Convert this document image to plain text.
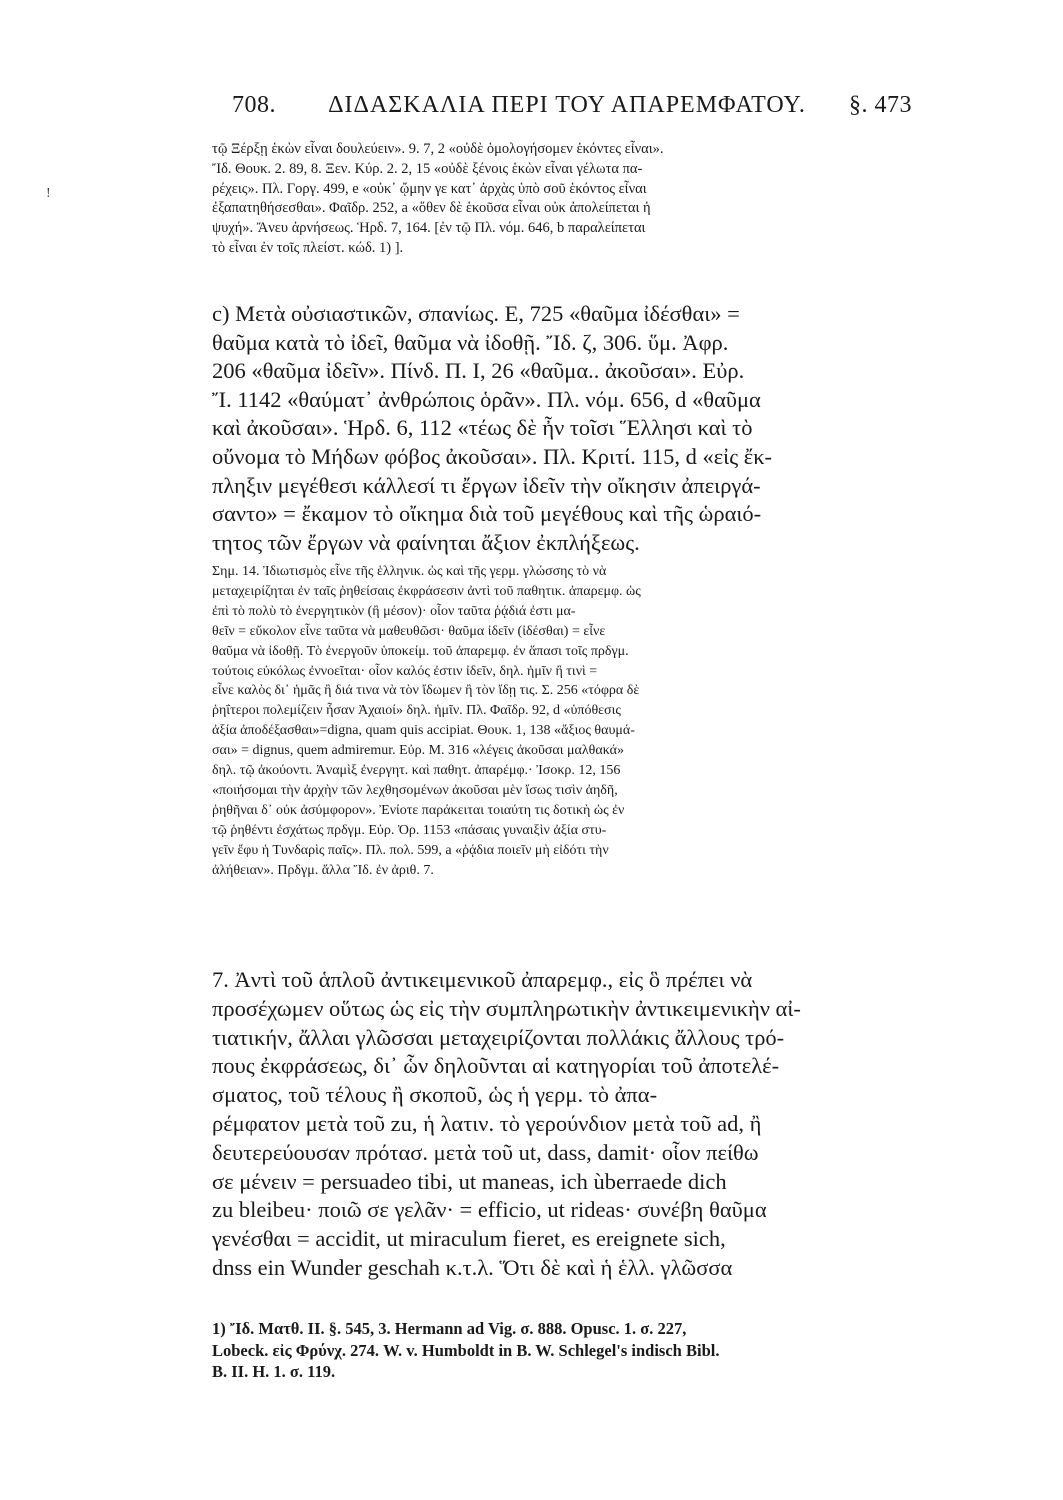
708.	ΔΙΔΑΣΚΑΛΙΑ ΠΕΡΙ ΤΟΥ ΑΠΑΡΕΜΦΑΤΟΥ.	§. 473
!
τῷ Ξέρξῃ ἑκὼν εἶναι δουλεύειν». 9. 7, 2 «οὐδὲ ὁμολογήσομεν ἑκόντες εἶναι».
Ἴδ. Θουκ. 2. 89, 8. Ξεν. Κύρ. 2. 2, 15 «οὐδὲ ξένοις ἑκὼν εἶναι γέλωτα πα-
ρέχεις». Πλ. Γοργ. 499, e «οὐκ᾽ ᾤμην γε κατ᾽ ἀρχὰς ὑπὸ σοῦ ἑκόντος εἶναι
ἐξαπατηθήσεσθαι». Φαῖδρ. 252, a «ὅθεν δὲ ἑκοῦσα εἶναι οὐκ ἀπολείπεται ἡ
ψυχή». Ἄνευ ἀρνήσεως. Ἡρδ. 7, 164. [ἐν τῷ Πλ. νόμ. 646, b παραλείπεται
τὸ εἶναι ἐν τοῖς πλείστ. κώδ. 1) ].
c) Μετὰ οὐσιαστικῶν, σπανίως. Ε, 725 «θαῦμα ἰδέσθαι» =
θαῦμα κατὰ τὸ ἰδεῖ, θαῦμα νὰ ἰδοθῇ. Ἴδ. ζ, 306. ὕμ. Ἀφρ.
206 «θαῦμα ἰδεῖν». Πίνδ. Π. Ι, 26 «θαῦμα.. ἀκοῦσαι». Εὐρ.
Ἴ. 1142 «θαύματ᾽ ἀνθρώποις ὁρᾶν». Πλ. νόμ. 656, d «θαῦμα
καὶ ἀκοῦσαι». Ἡρδ. 6, 112 «τέως δὲ ἦν τοῖσι Ἕλλησι καὶ τὸ
οὔνομα τὸ Μήδων φόβος ἀκοῦσαι». Πλ. Κριτί. 115, d «εἰς ἔκ-
πληξιν μεγέθεσι κάλλεσί τι ἔργων ἰδεῖν τὴν οἴκησιν ἀπειργά-
σαντο» = ἔκαμον τὸ οἴκημα διὰ τοῦ μεγέθους καὶ τῆς ὡραιό-
τητος τῶν ἔργων νὰ φαίνηται ἄξιον ἐκπλήξεως.
Σημ. 14. Ἰδιωτισμὸς εἶνε τῆς ἑλληνικ. ὡς καὶ τῆς γερμ. γλώσσης τὸ νὰ
μεταχειρίζηται ἐν ταῖς ῥηθείσαις ἐκφράσεσιν ἀντὶ τοῦ παθητικ. ἀπαρεμφ. ὡς
ἐπὶ τὸ πολὺ τὸ ἐνεργητικὸν (ἢ μέσον)· οἷον ταῦτα ῥᾴδιά ἐστι μα-
θεῖν = εὔκολον εἶνε ταῦτα νὰ μαθευθῶσι· θαῦμα ἰδεῖν (ἰδέσθαι) = εἶνε
θαῦμα νὰ ἰδοθῇ. Τὸ ἐνεργοῦν ὑποκείμ. τοῦ ἀπαρεμφ. ἐν ἅπασι τοῖς πρδγμ.
τούτοις εὐκόλως ἐννοεῖται· οἷον καλός ἐστιν ἰδεῖν, δηλ. ἡμῖν ἢ τινὶ =
εἶνε καλὸς δι᾽ ἡμᾶς ἢ διά τινα νὰ τὸν ἴδωμεν ἢ τὸν ἴδῃ τις. Σ. 256 «τόφρα δὲ
ῥηΐτεροι πολεμίζειν ἦσαν Ἀχαιοί» δηλ. ἡμῖν. Πλ. Φαῖδρ. 92, d «ὑπόθεσις
ἀξία ἀποδέξασθαι»=digna, quam quis accipiat. Θουκ. 1, 138 «ἄξιος θαυμά-
σαι» = dignus, quem admiremur. Εὐρ. Μ. 316 «λέγεις ἀκοῦσαι μαλθακά»
δηλ. τῷ ἀκούοντι. Ἀναμὶξ ἐνεργητ. καὶ παθητ. ἀπαρέμφ.· Ἰσοκρ. 12, 156
«ποιήσομαι τὴν ἀρχὴν τῶν λεχθησομένων ἀκοῦσαι μὲν ἴσως τισὶν ἀηδῆ,
ῥηθῆναι δ᾽ οὐκ ἀσύμφορον». Ἐνίοτε παράκειται τοιαύτη τις δοτικὴ ὡς ἐν
τῷ ῥηθέντι ἐσχάτως πρδγμ. Εὐρ. Ὀρ. 1153 «πάσαις γυναιξὶν ἀξία στυ-
γεῖν ἔφυ ἡ Τυνδαρὶς παῖς». Πλ. πολ. 599, a «ῥᾴδια ποιεῖν μὴ εἰδότι τὴν
ἀλήθειαν». Πρδγμ. ἄλλα Ἴδ. ἐν ἀριθ. 7.
7. Ἀντὶ τοῦ ἁπλοῦ ἀντικειμενικοῦ ἀπαρεμφ., εἰς ὃ πρέπει νὰ
προσέχωμεν οὕτως ὡς εἰς τὴν συμπληρωτικὴν ἀντικειμενικὴν αἰ-
τιατικήν, ἄλλαι γλῶσσαι μεταχειρίζονται πολλάκις ἄλλους τρό-
πους ἐκφράσεως, δι᾽ ὧν δηλοῦνται αἱ κατηγορίαι τοῦ ἀποτελέ-
σματος, τοῦ τέλους ἢ σκοποῦ, ὡς ἡ γερμ. τὸ ἀπα-
ρέμφατον μετὰ τοῦ zu, ἡ λατιν. τὸ γερούνδιον μετὰ τοῦ ad, ἢ
δευτερεύουσαν πρότασ. μετὰ τοῦ ut, dass, damit· οἷον πείθω
σε μένειν = persuadeo tibi, ut maneas, ich ùberraede dich
zu bleibeu· ποιῶ σε γελᾶν· = efficio, ut rideas· συνέβη θαῦμα
γενέσθαι = accidit, ut miraculum fieret, es ereignete sich,
dnss ein Wunder geschah κ.τ.λ. Ὅτι δὲ καὶ ἡ ἑλλ. γλῶσσα
1) Ἴδ. Ματθ. II. §. 545, 3. Hermann ad Vig. σ. 888. Opusc. 1. σ. 227,
Lobeck. εἰς Φρύνχ. 274. W. v. Humboldt in B. W. Schlegel's indisch Bibl.
B. II. H. 1. σ. 119.
